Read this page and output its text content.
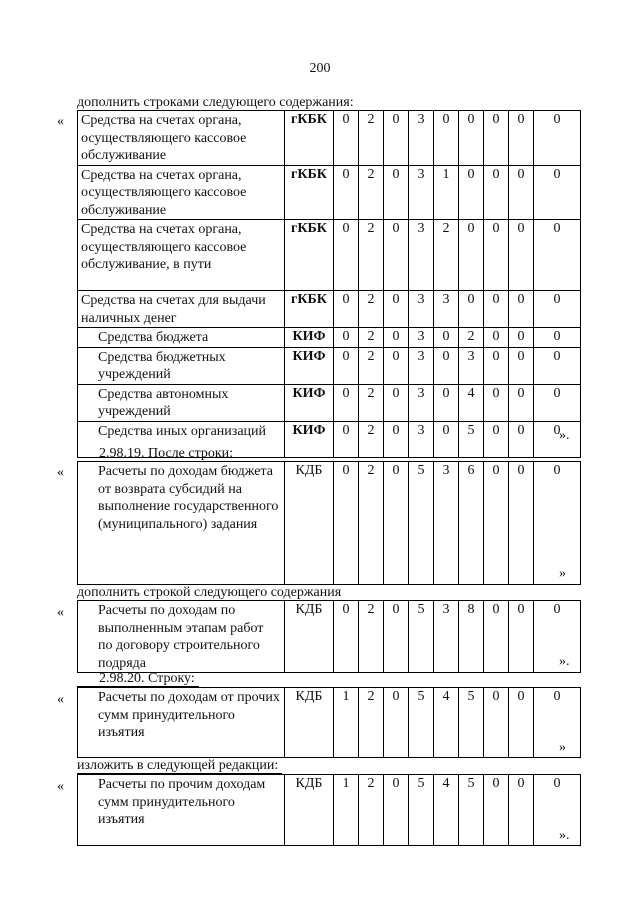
200
дополнить строками следующего содержания:
« Средства на счетах органа, осуществляющего кассовое обслуживание	гКБК	0	2	0	3	0	0	0	0	0
Средства на счетах органа, осуществляющего кассовое обслуживание	гКБК	0	2	0	3	1	0	0	0	0
Средства на счетах органа, осуществляющего кассовое обслуживание, в пути	гКБК	0	2	0	3	2	0	0	0	0
Средства на счетах для выдачи наличных денег	гКБК	0	2	0	3	3	0	0	0	0
Средства бюджета	КИФ	0	2	0	3	0	2	0	0	0
Средства бюджетных учреждений	КИФ	0	2	0	3	0	3	0	0	0
Средства автономных учреждений	КИФ	0	2	0	3	0	4	0	0	0
Средства иных организаций	КИФ	0	2	0	3	0	5	0	0	0
».
2.98.19. После строки:
« Расчеты по доходам бюджета от возврата субсидий на выполнение государственного (муниципального) задания	КДБ	0	2	0	5	3	6	0	0	0
»
дополнить строкой следующего содержания
« Расчеты по доходам по выполненным этапам работ по договору строительного подряда	КДБ	0	2	0	5	3	8	0	0	0
».
2.98.20. Строку:
« Расчеты по доходам от прочих сумм принудительного изъятия	КДБ	1	2	0	5	4	5	0	0	0
»
изложить в следующей редакции:
« Расчеты по прочим доходам сумм принудительного изъятия	КДБ	1	2	0	5	4	5	0	0	0
».
